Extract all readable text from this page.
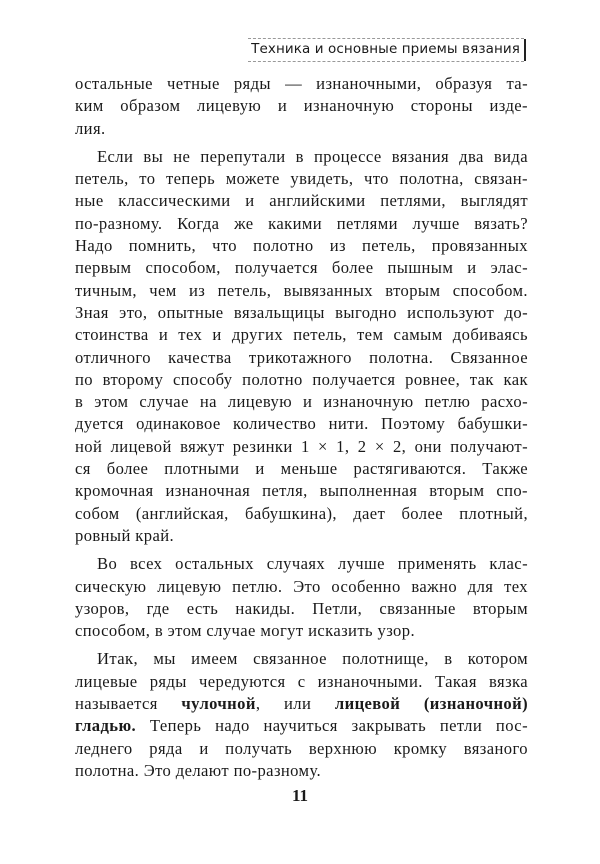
Техника и основные приемы вязания
остальные четные ряды — изнаночными, образуя та-
ким образом лицевую и изнаночную стороны изде-
лия.
Если вы не перепутали в процессе вязания два вида
петель, то теперь можете увидеть, что полотна, связан-
ные классическими и английскими петлями, выглядят
по-разному. Когда же какими петлями лучше вязать?
Надо помнить, что полотно из петель, провязанных
первым способом, получается более пышным и элас-
тичным, чем из петель, вывязанных вторым способом.
Зная это, опытные вязальщицы выгодно используют до-
стоинства и тех и других петель, тем самым добиваясь
отличного качества трикотажного полотна. Связанное
по второму способу полотно получается ровнее, так как
в этом случае на лицевую и изнаночную петлю расхо-
дуется одинаковое количество нити. Поэтому бабушки-
ной лицевой вяжут резинки 1 × 1, 2 × 2, они получают-
ся более плотными и меньше растягиваются. Также
кромочная изнаночная петля, выполненная вторым спо-
собом (английская, бабушкина), дает более плотный,
ровный край.
Во всех остальных случаях лучше применять клас-
сическую лицевую петлю. Это особенно важно для тех
узоров, где есть накиды. Петли, связанные вторым
способом, в этом случае могут исказить узор.
Итак, мы имеем связанное полотнище, в котором
лицевые ряды чередуются с изнаночными. Такая вязка
называется чулочной, или лицевой (изнаночной)
гладью. Теперь надо научиться закрывать петли пос-
леднего ряда и получать верхнюю кромку вязаного
полотна. Это делают по-разному.
11
